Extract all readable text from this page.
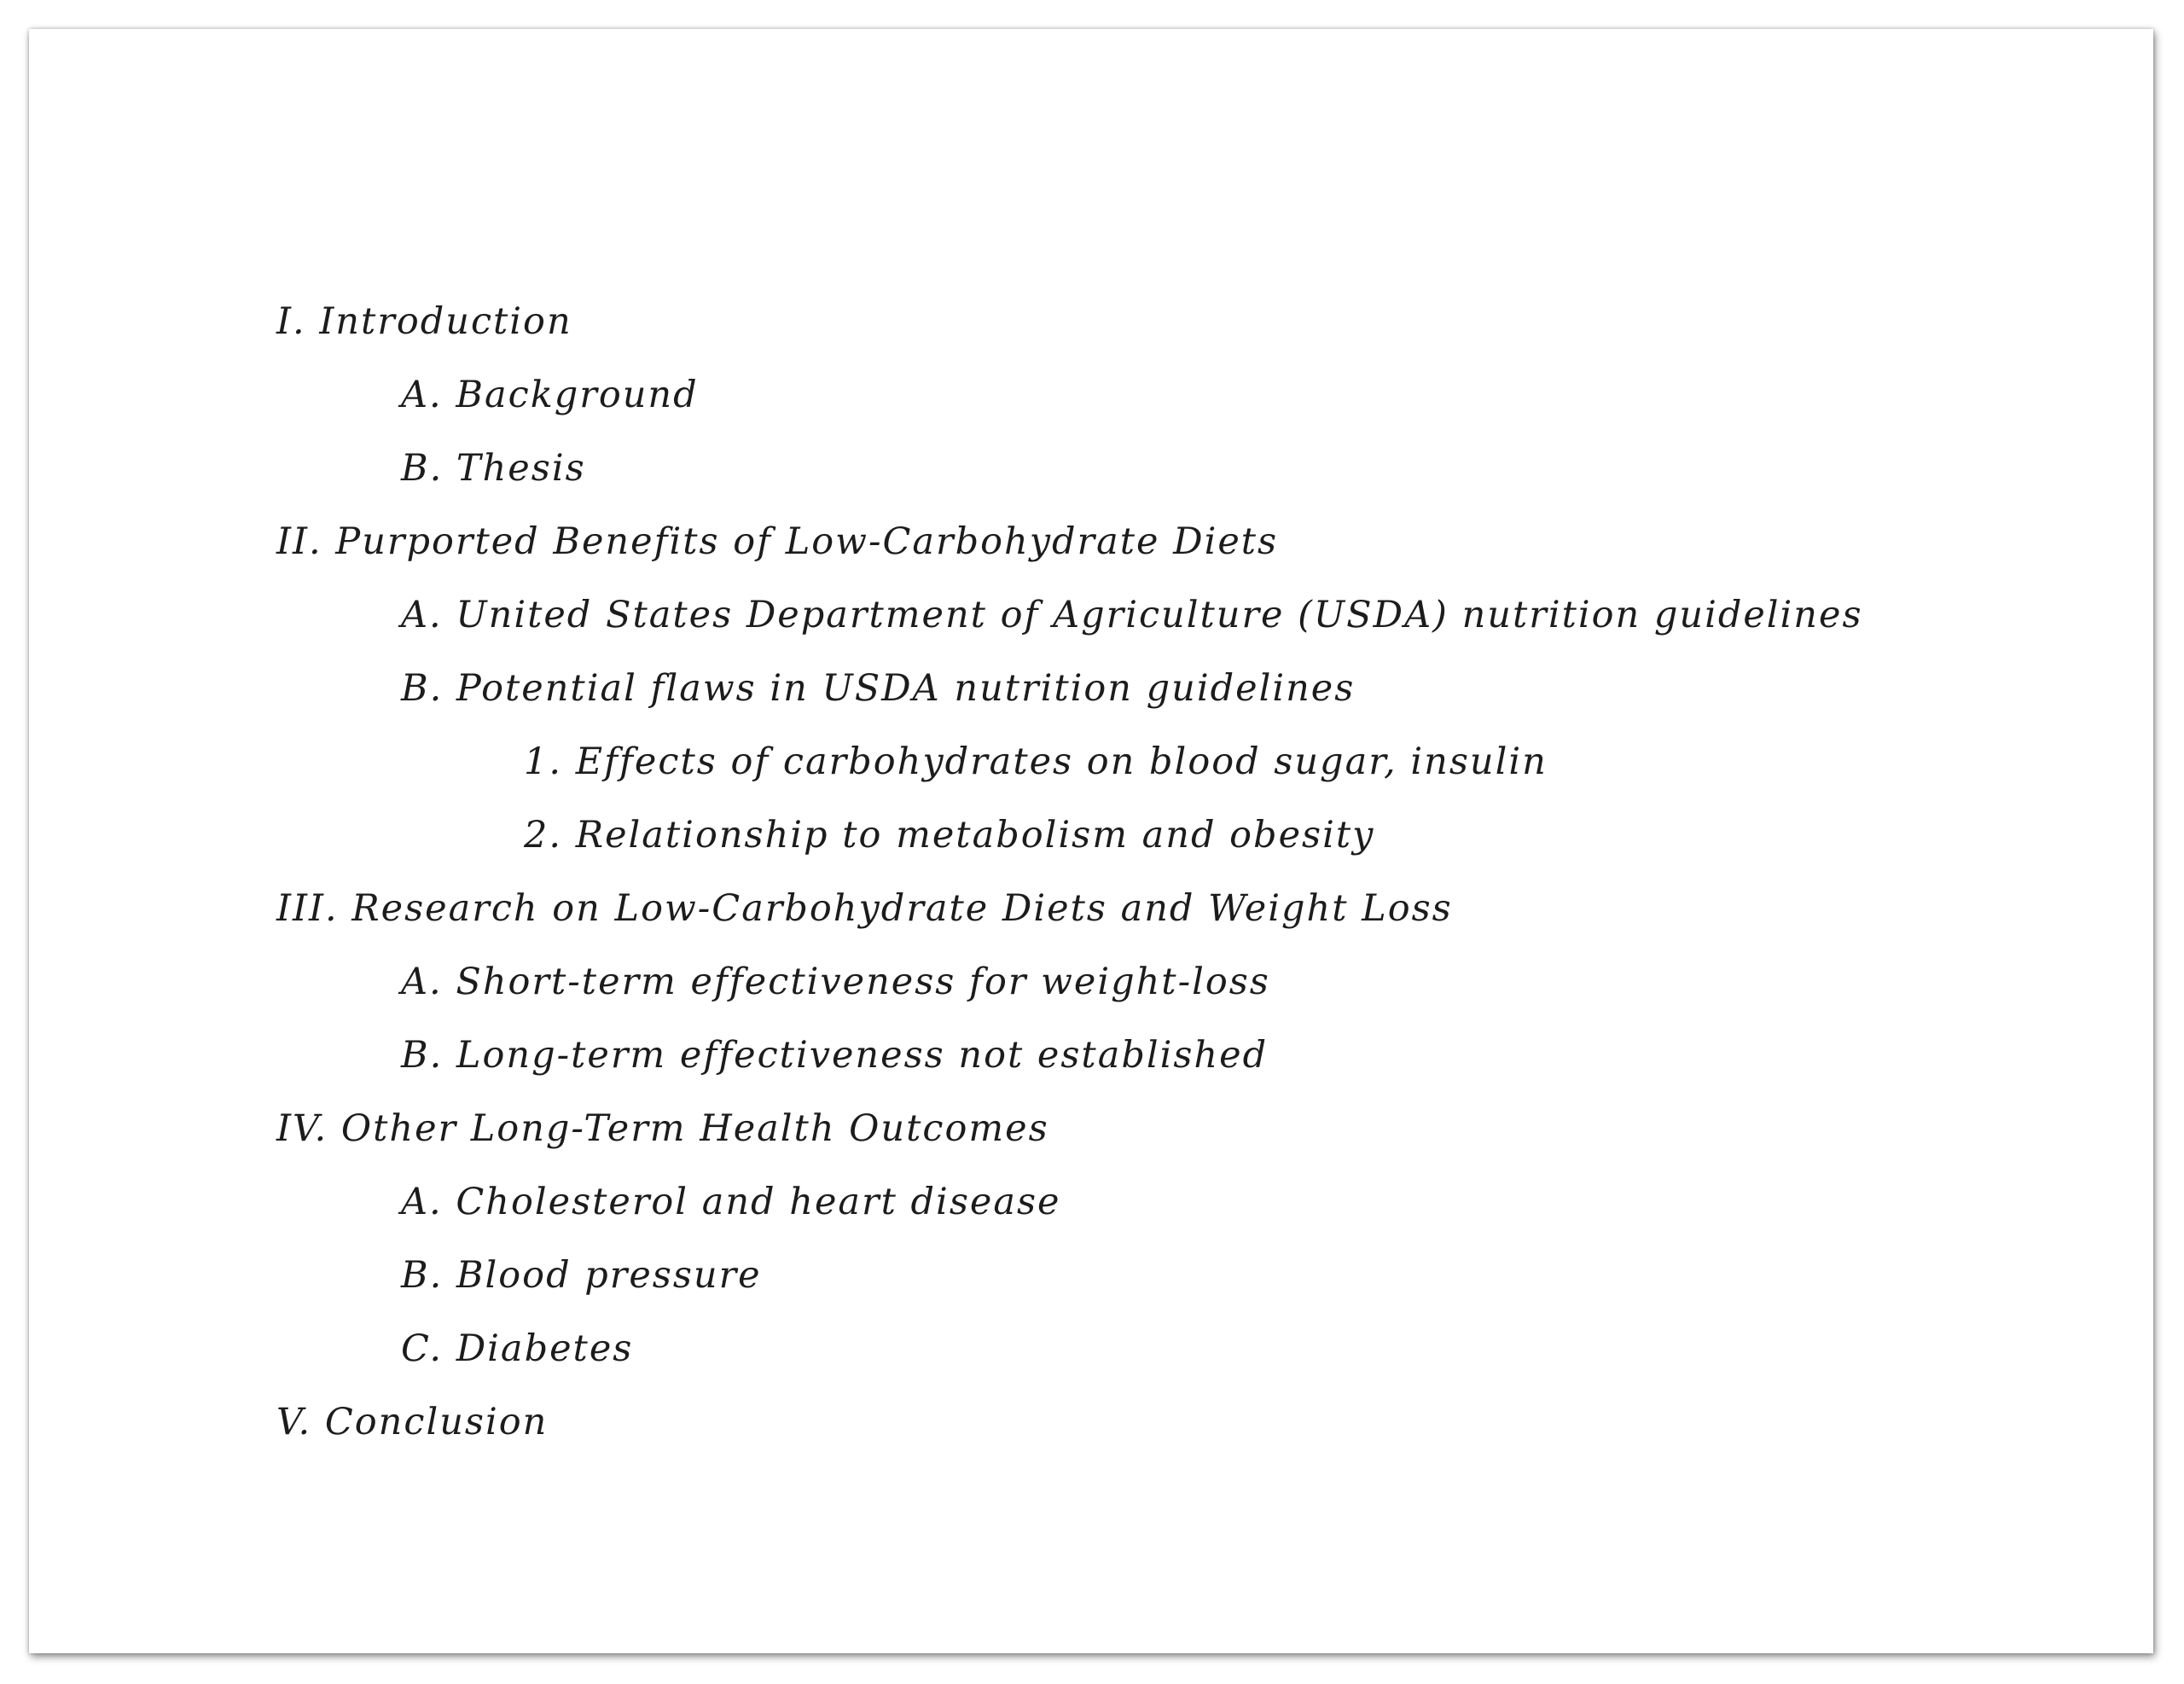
I. Introduction
A. Background
B. Thesis
II. Purported Benefits of Low-Carbohydrate Diets
A. United States Department of Agriculture (USDA) nutrition guidelines
B. Potential flaws in USDA nutrition guidelines
1. Effects of carbohydrates on blood sugar, insulin
2. Relationship to metabolism and obesity
III. Research on Low-Carbohydrate Diets and Weight Loss
A. Short-term effectiveness for weight-loss
B. Long-term effectiveness not established
IV. Other Long-Term Health Outcomes
A. Cholesterol and heart disease
B. Blood pressure
C. Diabetes
V. Conclusion
